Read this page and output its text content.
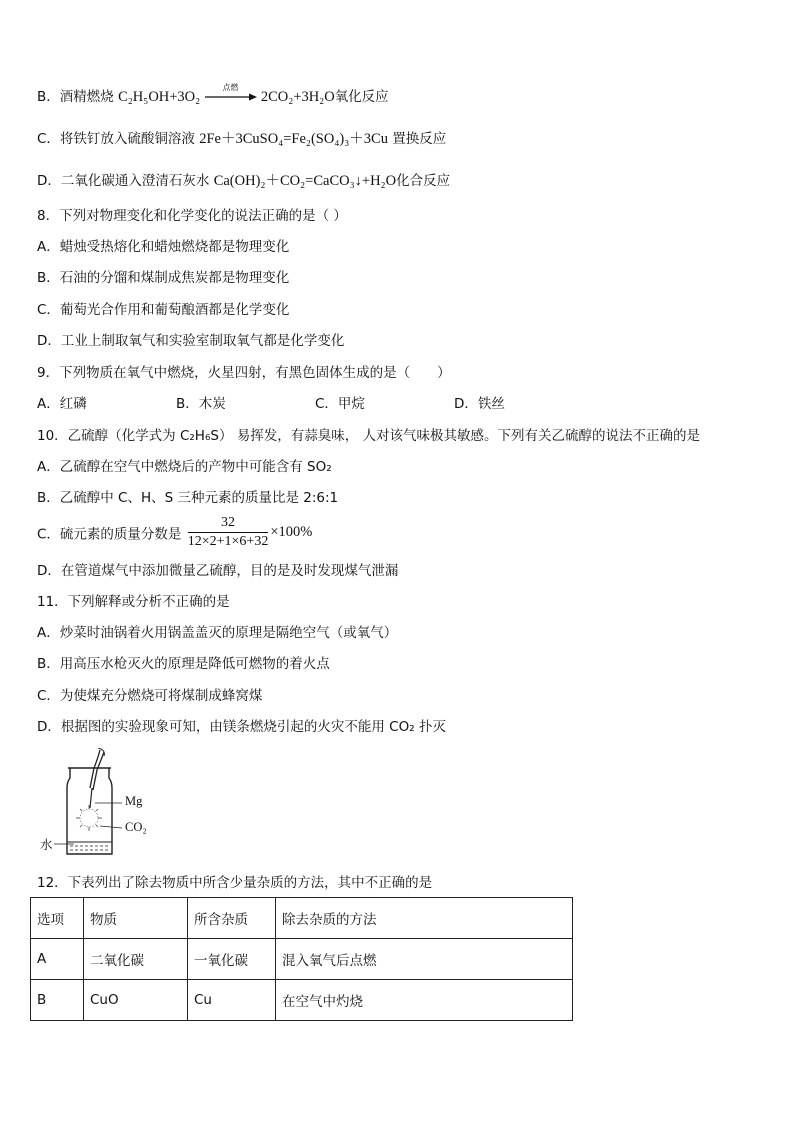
B．酒精燃烧 C₂H₅OH+3O₂
点燃
2CO₂+3H₂O氧化反应
C．将铁钉放入硫酸铜溶液 2Fe＋3CuSO₄=Fe₂(SO₄)₃＋3Cu 置换反应
D．二氧化碳通入澄清石灰水 Ca(OH)₂＋CO₂=CaCO₃↓+H₂O化合反应
8．下列对物理变化和化学变化的说法正确的是（ ）
A．蜡烛受热熔化和蜡烛燃烧都是物理变化
B．石油的分馏和煤制成焦炭都是物理变化
C．葡萄光合作用和葡萄酿酒都是化学变化
D．工业上制取氧气和实验室制取氧气都是化学变化
9．下列物质在氧气中燃烧，火星四射，有黑色固体生成的是（　　）
A．红磷	B．木炭	C．甲烷	D．铁丝
10．乙硫醇（化学式为 C₂H₆S） 易挥发，有蒜臭味， 人对该气味极其敏感。下列有关乙硫醇的说法不正确的是
A．乙硫醇在空气中燃烧后的产物中可能含有 SO₂
B．乙硫醇中 C、H、S 三种元素的质量比是 2:6:1
C．硫元素的质量分数是 $\frac{32}{12\times 2+1\times 6+32} \times 100\%$
D．在管道煤气中添加微量乙硫醇，目的是及时发现煤气泄漏
11．下列解释或分析不正确的是
A．炒菜时油锅着火用锅盖盖灭的原理是隔绝空气（或氧气）
B．用高压水枪灭火的原理是降低可燃物的着火点
C．为使煤充分燃烧可将煤制成蜂窝煤
D．根据图的实验现象可知，由镁条燃烧引起的火灾不能用 CO₂ 扑灭
Mg
CO₂
水
12．下表列出了除去物质中所含少量杂质的方法，其中不正确的是
选项	物质	所含杂质	除去杂质的方法
A	二氧化碳	一氧化碳	混入氧气后点燃
B	CuO	Cu	在空气中灼烧
